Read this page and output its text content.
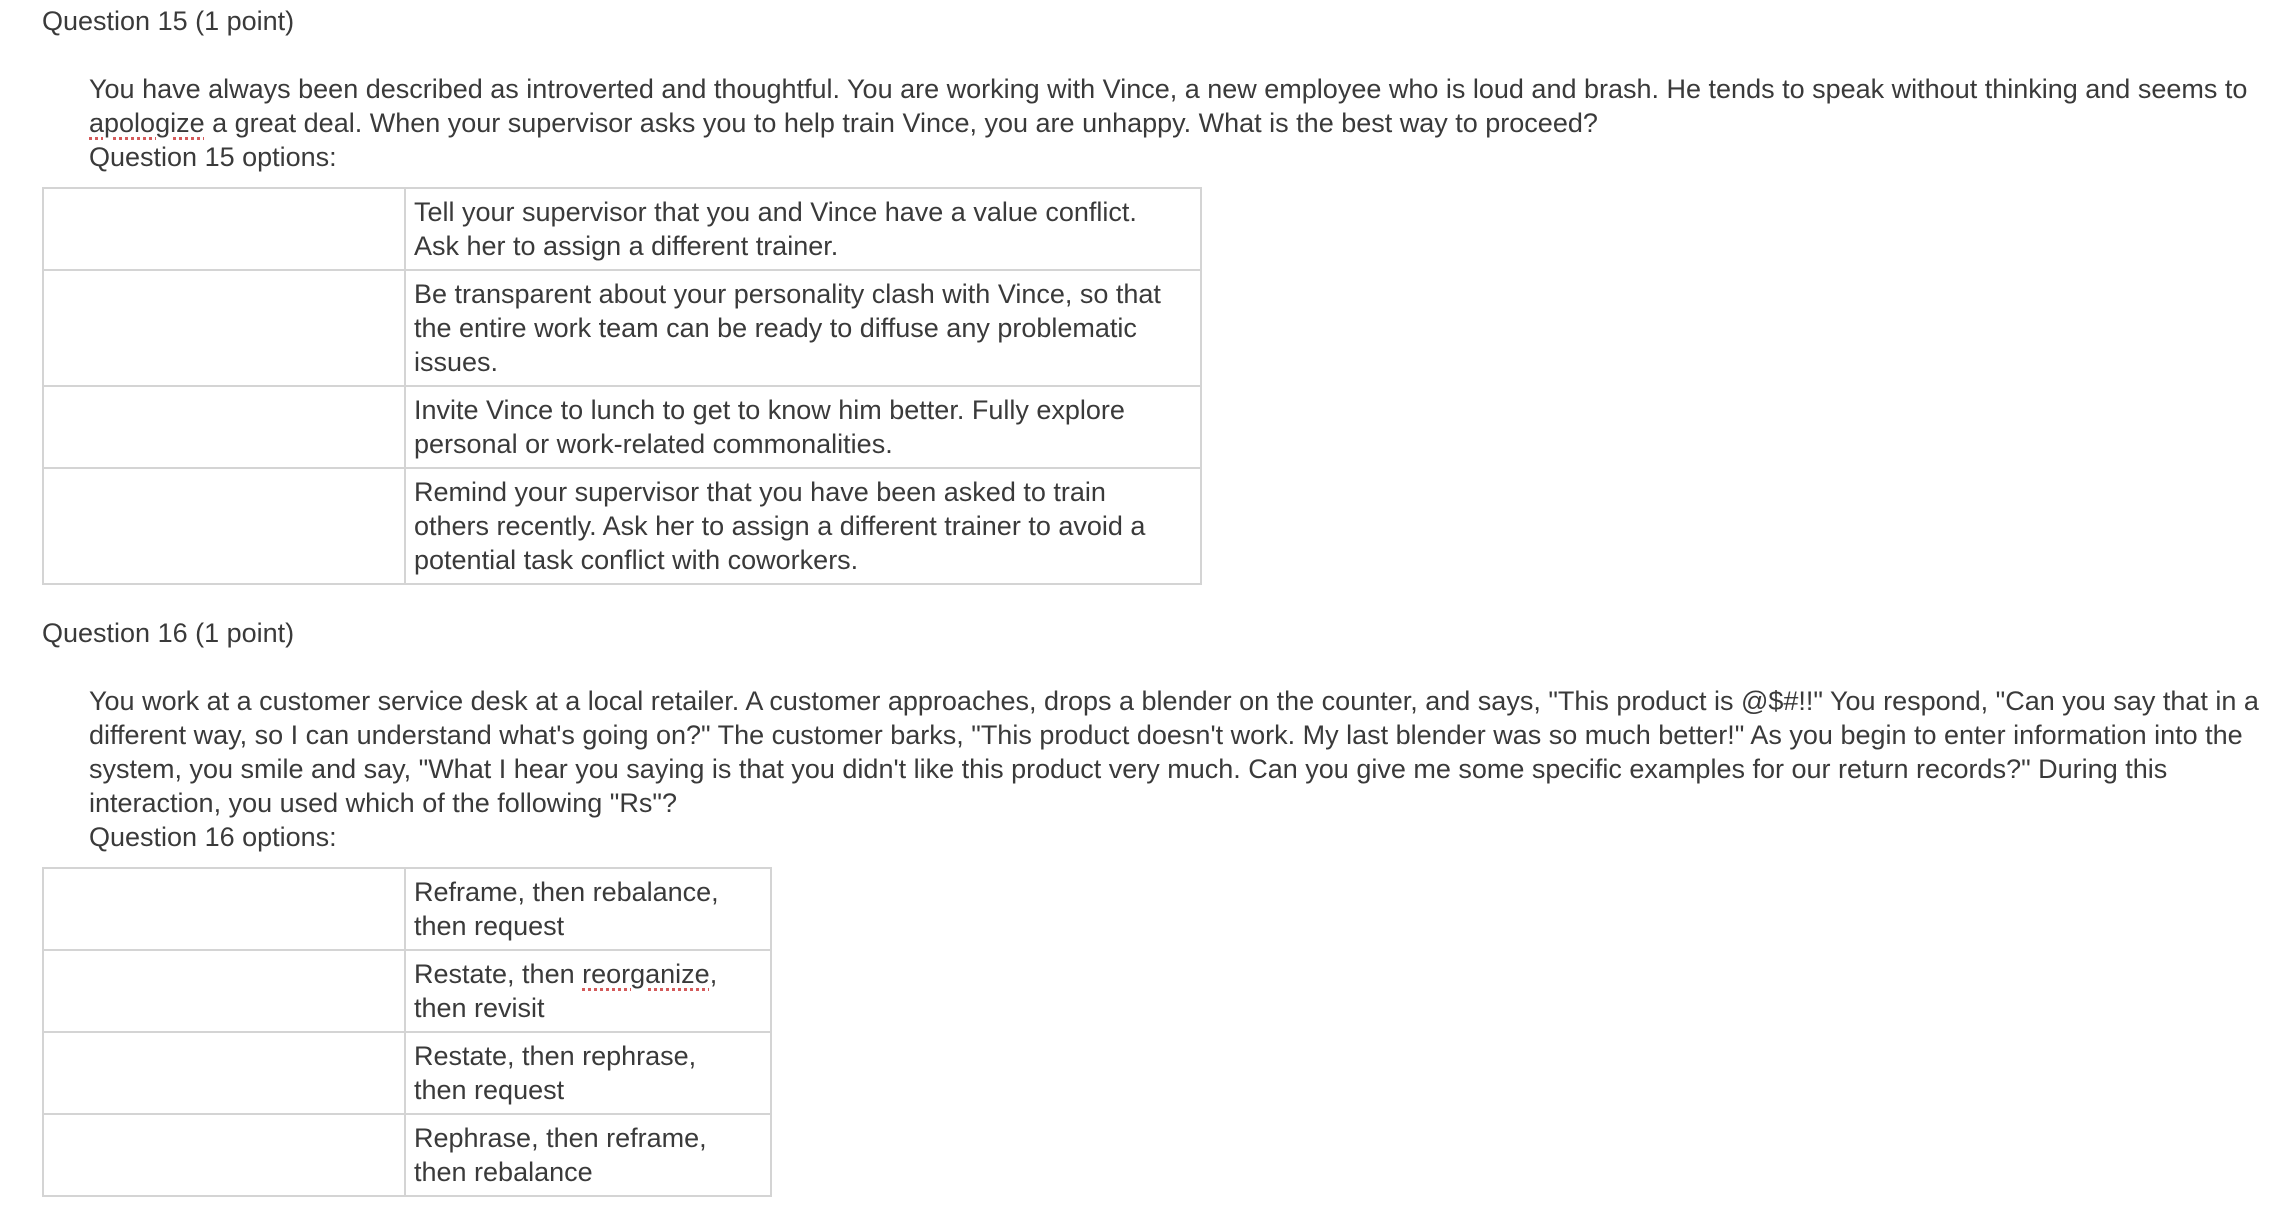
Question 15 (1 point)

You have always been described as introverted and thoughtful. You are working with Vince, a new employee who is loud and brash. He tends to speak without thinking and seems to apologize a great deal. When your supervisor asks you to help train Vince, you are unhappy. What is the best way to proceed?
Question 15 options:

	Tell your supervisor that you and Vince have a value conflict.
Ask her to assign a different trainer.

	Be transparent about your personality clash with Vince, so that
the entire work team can be ready to diffuse any problematic
issues.

	Invite Vince to lunch to get to know him better. Fully explore
personal or work-related commonalities.

	Remind your supervisor that you have been asked to train
others recently. Ask her to assign a different trainer to avoid a
potential task conflict with coworkers.

Question 16 (1 point)

You work at a customer service desk at a local retailer. A customer approaches, drops a blender on the counter, and says, "This product is @$#!!" You respond, "Can you say that in a different way, so I can understand what's going on?" The customer barks, "This product doesn't work. My last blender was so much better!" As you begin to enter information into the system, you smile and say, "What I hear you saying is that you didn't like this product very much. Can you give me some specific examples for our return records?" During this interaction, you used which of the following "Rs"?
Question 16 options:

	Reframe, then rebalance,
then request

	Restate, then reorganize,
then revisit

	Restate, then rephrase,
then request

	Rephrase, then reframe,
then rebalance
